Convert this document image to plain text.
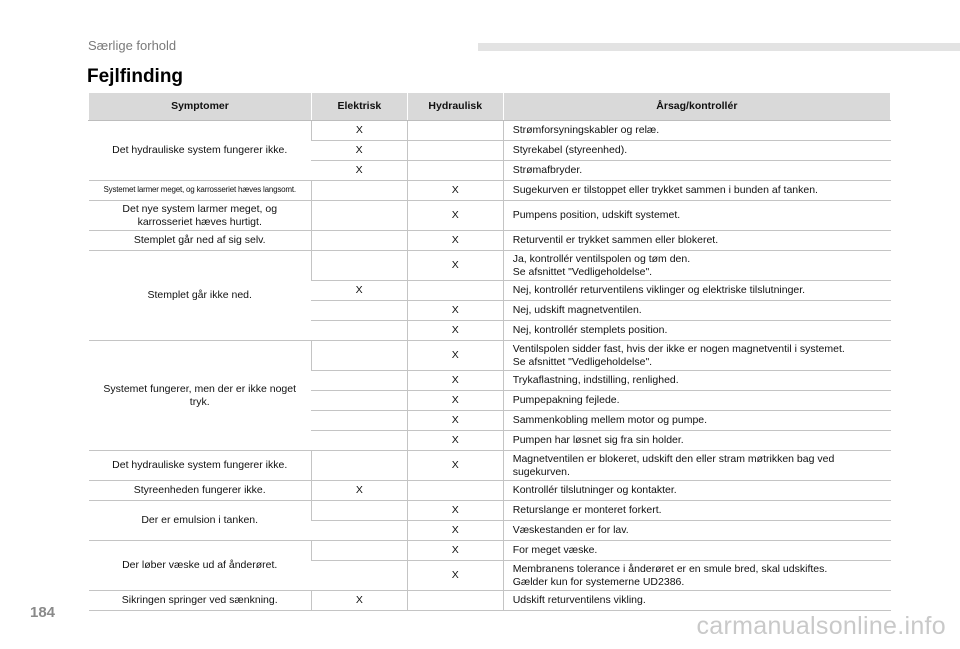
Særlige forhold
Fejlfinding
Symptomer	Elektrisk	Hydraulisk	Årsag/kontrollér
Det hydrauliske system fungerer ikke.	X		Strømforsyningskabler og relæ.
	X		Styrekabel (styreenhed).
	X		Strømafbryder.
Systemet larmer meget, og karrosseriet hæves langsomt.		X	Sugekurven er tilstoppet eller trykket sammen i bunden af tanken.
Det nye system larmer meget, og karrosseriet hæves hurtigt.		X	Pumpens position, udskift systemet.
Stemplet går ned af sig selv.		X	Returventil er trykket sammen eller blokeret.
Stemplet går ikke ned.		X	Ja, kontrollér ventilspolen og tøm den.
Se afsnittet "Vedligeholdelse".
	X		Nej, kontrollér returventilens viklinger og elektriske tilslutninger.
		X	Nej, udskift magnetventilen.
		X	Nej, kontrollér stemplets position.
Systemet fungerer, men der er ikke noget tryk.		X	Ventilspolen sidder fast, hvis der ikke er nogen magnetventil i systemet.
Se afsnittet "Vedligeholdelse".
		X	Trykaflastning, indstilling, renlighed.
		X	Pumpepakning fejlede.
		X	Sammenkobling mellem motor og pumpe.
		X	Pumpen har løsnet sig fra sin holder.
Det hydrauliske system fungerer ikke.		X	Magnetventilen er blokeret, udskift den eller stram møtrikken bag ved sugekurven.
Styreenheden fungerer ikke.	X		Kontrollér tilslutninger og kontakter.
Der er emulsion i tanken.		X	Returslange er monteret forkert.
		X	Væskestanden er for lav.
Der løber væske ud af ånderøret.		X	For meget væske.
		X	Membranens tolerance i ånderøret er en smule bred, skal udskiftes.
Gælder kun for systemerne UD2386.
Sikringen springer ved sænkning.	X		Udskift returventilens vikling.
184	carmanualsonline.info
